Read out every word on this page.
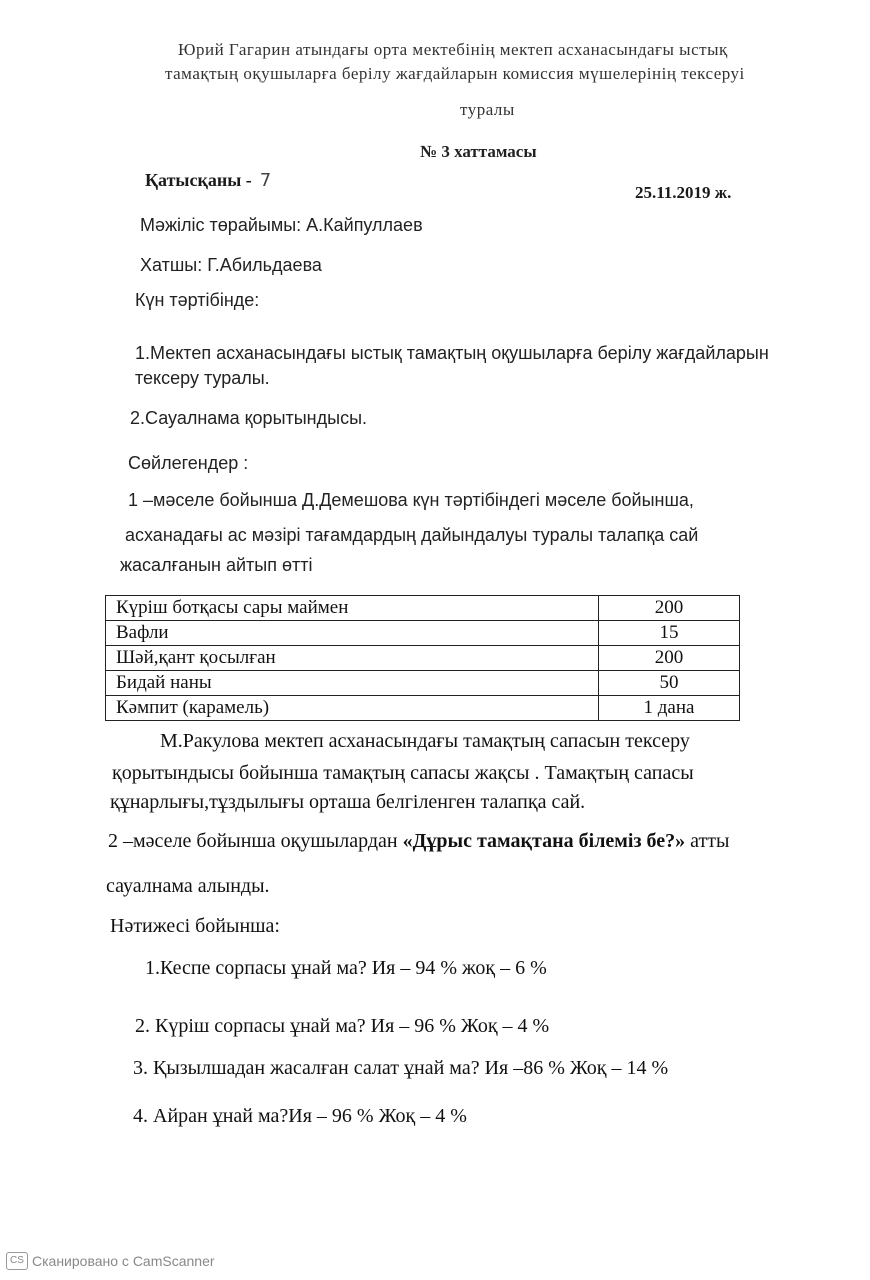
Юрий Гагарин атындағы орта мектебінің мектеп асханасындағы ыстық
тамақтың оқушыларға берілу жағдайларын комиссия мүшелерінің тексеруі
туралы
№ 3 хаттамасы
Қатысқаны - 7
25.11.2019 ж.
Мәжіліс төрайымы: А.Кайпуллаев
Хатшы: Г.Абильдаева
Күн тәртібінде:
1.Мектеп асханасындағы ыстық тамақтың оқушыларға берілу жағдайларын
тексеру туралы.
2.Сауалнама қорытындысы.
Сөйлегендер :
1 –мәселе бойынша Д.Демешова күн тәртібіндегі мәселе бойынша,
асханадағы ас мәзірі тағамдардың дайындалуы туралы талапқа сай
жасалғанын айтып өтті
Күріш ботқасы сары маймен	200
Вафли	15
Шәй,қант қосылған	200
Бидай наны	50
Кәмпит (карамель)	1 дана
М.Ракулова мектеп асханасындағы тамақтың сапасын тексеру
қорытындысы бойынша тамақтың сапасы жақсы . Тамақтың сапасы
құнарлығы,тұздылығы орташа белгіленген талапқа сай.
2 –мәселе бойынша оқушылардан «Дұрыс тамақтана білеміз бе?» атты
сауалнама алынды.
Нәтижесі бойынша:
1.Кеспе сорпасы ұнай ма? Ия – 94 % жоқ – 6 %
2. Күріш сорпасы ұнай ма? Ия – 96 % Жоқ – 4 %
3. Қызылшадан жасалған салат ұнай ма? Ия –86 % Жоқ – 14 %
4. Айран ұнай ма?Ия – 96 % Жоқ – 4 %
CS Сканировано с CamScanner
